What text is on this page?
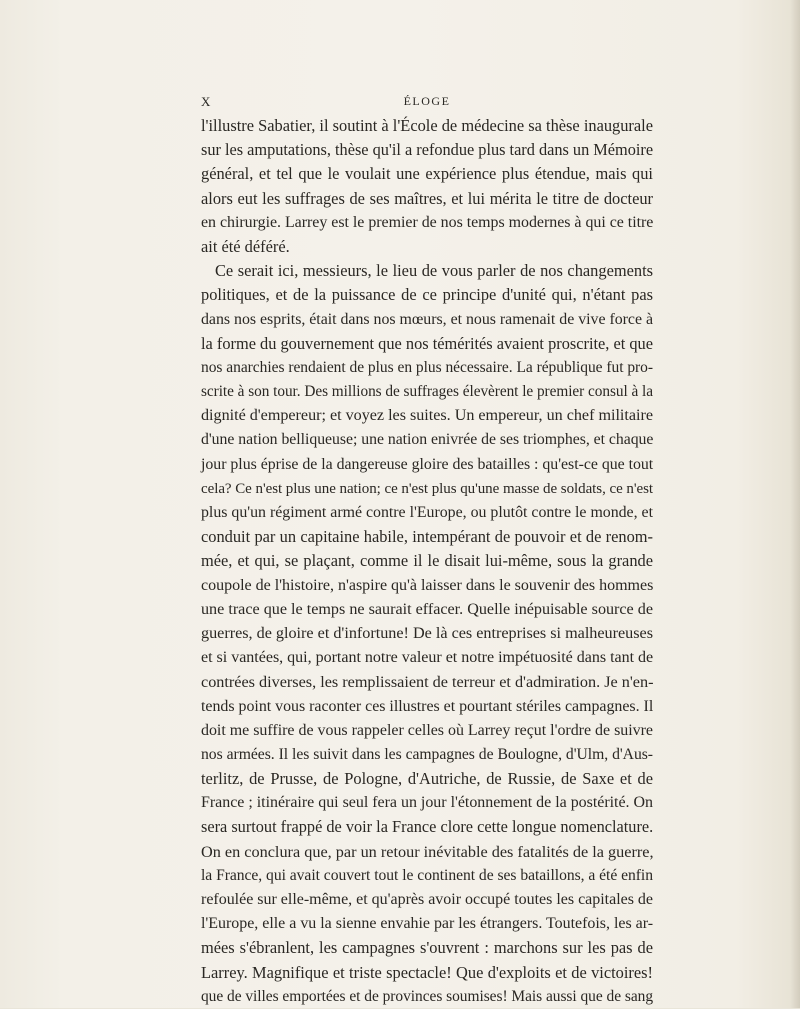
X	ÉLOGE
l'illustre Sabatier, il soutint à l'École de médecine sa thèse inaugurale
sur les amputations, thèse qu'il a refondue plus tard dans un Mémoire
général, et tel que le voulait une expérience plus étendue, mais qui
alors eut les suffrages de ses maîtres, et lui mérita le titre de docteur
en chirurgie. Larrey est le premier de nos temps modernes à qui ce titre
ait été déféré.
Ce serait ici, messieurs, le lieu de vous parler de nos changements
politiques, et de la puissance de ce principe d'unité qui, n'étant pas
dans nos esprits, était dans nos mœurs, et nous ramenait de vive force à
la forme du gouvernement que nos témérités avaient proscrite, et que
nos anarchies rendaient de plus en plus nécessaire. La république fut pro-
scrite à son tour. Des millions de suffrages élevèrent le premier consul à la
dignité d'empereur; et voyez les suites. Un empereur, un chef militaire
d'une nation belliqueuse; une nation enivrée de ses triomphes, et chaque
jour plus éprise de la dangereuse gloire des batailles : qu'est-ce que tout
cela? Ce n'est plus une nation; ce n'est plus qu'une masse de soldats, ce n'est
plus qu'un régiment armé contre l'Europe, ou plutôt contre le monde, et
conduit par un capitaine habile, intempérant de pouvoir et de renom-
mée, et qui, se plaçant, comme il le disait lui-même, sous la grande
coupole de l'histoire, n'aspire qu'à laisser dans le souvenir des hommes
une trace que le temps ne saurait effacer. Quelle inépuisable source de
guerres, de gloire et d'infortune! De là ces entreprises si malheureuses
et si vantées, qui, portant notre valeur et notre impétuosité dans tant de
contrées diverses, les remplissaient de terreur et d'admiration. Je n'en-
tends point vous raconter ces illustres et pourtant stériles campagnes. Il
doit me suffire de vous rappeler celles où Larrey reçut l'ordre de suivre
nos armées. Il les suivit dans les campagnes de Boulogne, d'Ulm, d'Aus-
terlitz, de Prusse, de Pologne, d'Autriche, de Russie, de Saxe et de
France ; itinéraire qui seul fera un jour l'étonnement de la postérité. On
sera surtout frappé de voir la France clore cette longue nomenclature.
On en conclura que, par un retour inévitable des fatalités de la guerre,
la France, qui avait couvert tout le continent de ses bataillons, a été enfin
refoulée sur elle-même, et qu'après avoir occupé toutes les capitales de
l'Europe, elle a vu la sienne envahie par les étrangers. Toutefois, les ar-
mées s'ébranlent, les campagnes s'ouvrent : marchons sur les pas de
Larrey. Magnifique et triste spectacle! Que d'exploits et de victoires!
que de villes emportées et de provinces soumises! Mais aussi que de sang
